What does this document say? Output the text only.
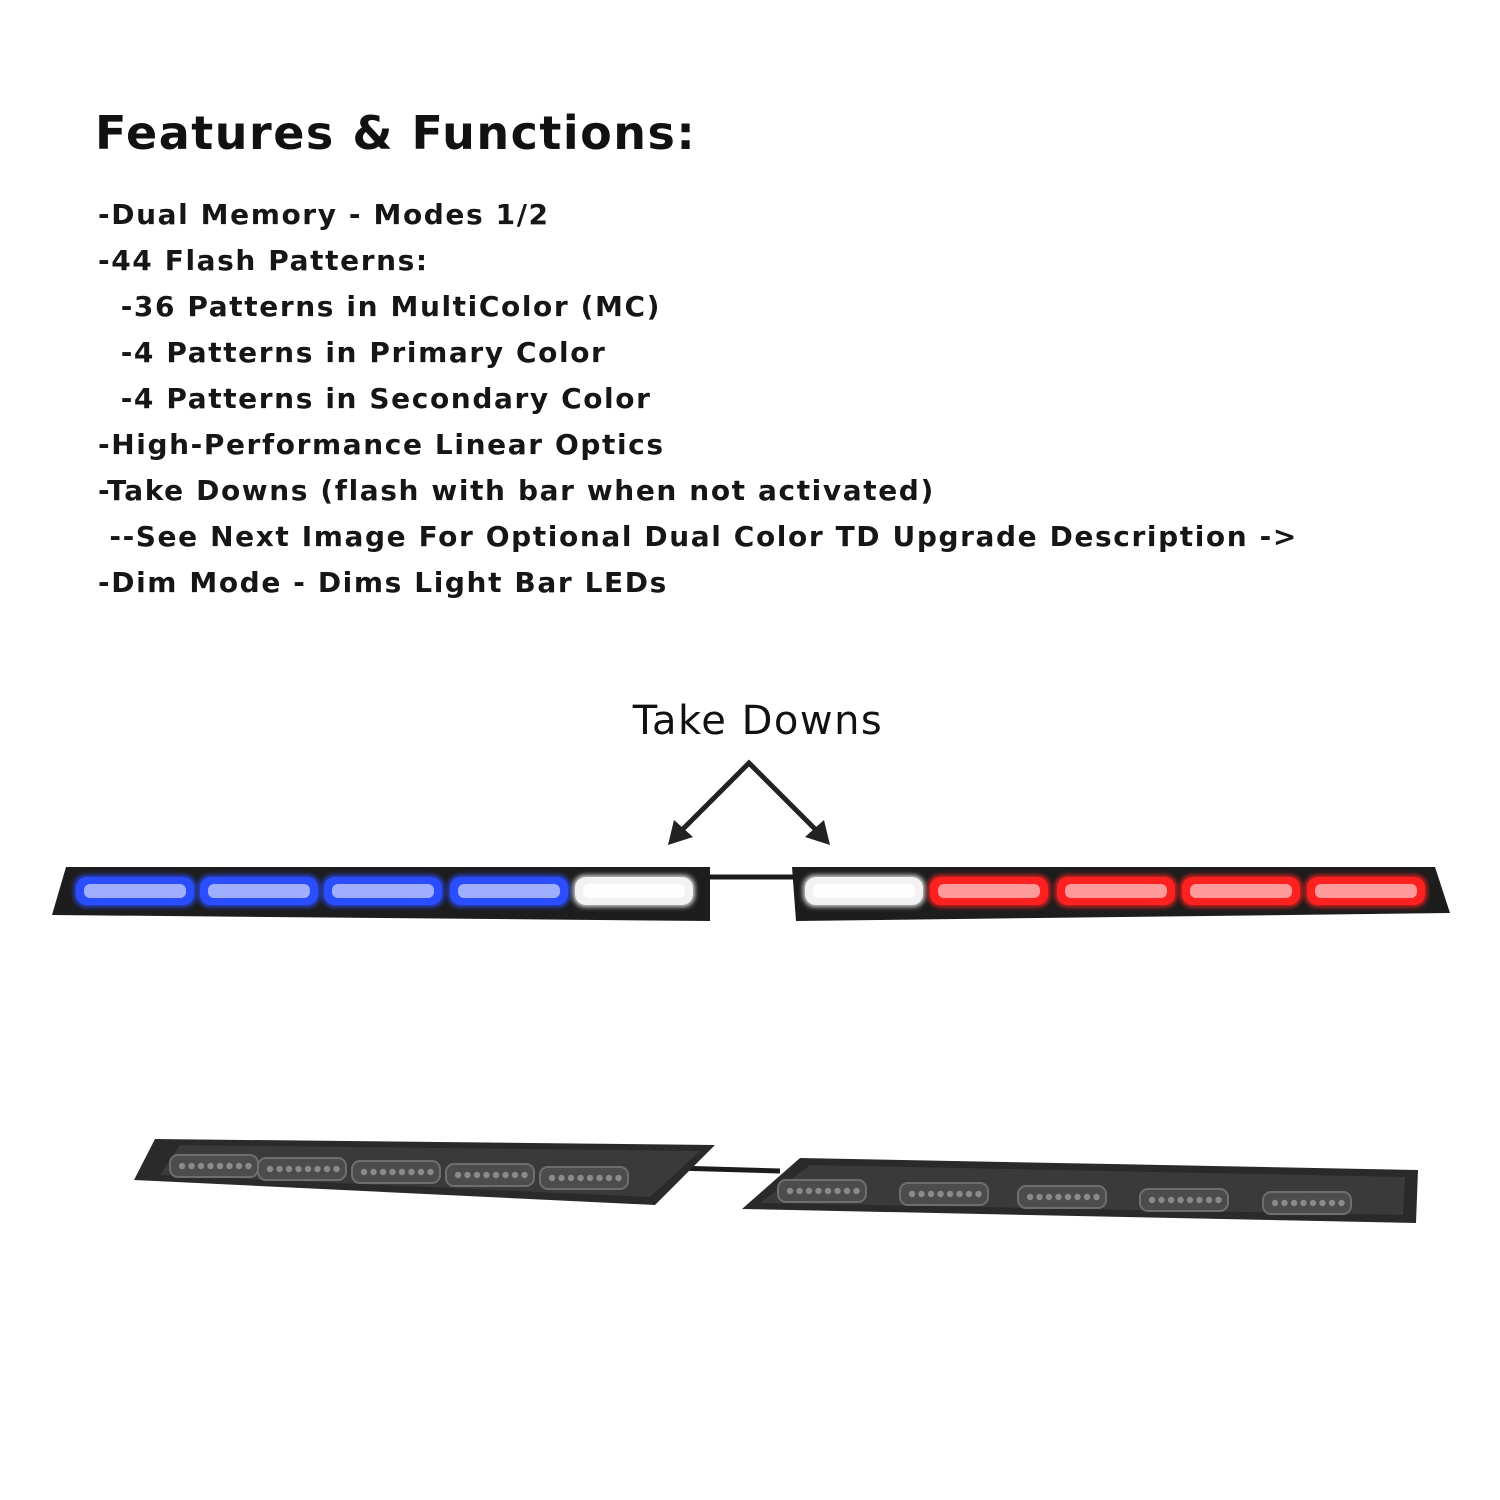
Features & Functions:
-Dual Memory - Modes 1/2
-44 Flash Patterns:
-36 Patterns in MultiColor (MC)
-4 Patterns in Primary Color
-4 Patterns in Secondary Color
-High-Performance Linear Optics
-Take Downs (flash with bar when not activated)
--See Next Image For Optional Dual Color TD Upgrade Description ->
-Dim Mode - Dims Light Bar LEDs
Take Downs
